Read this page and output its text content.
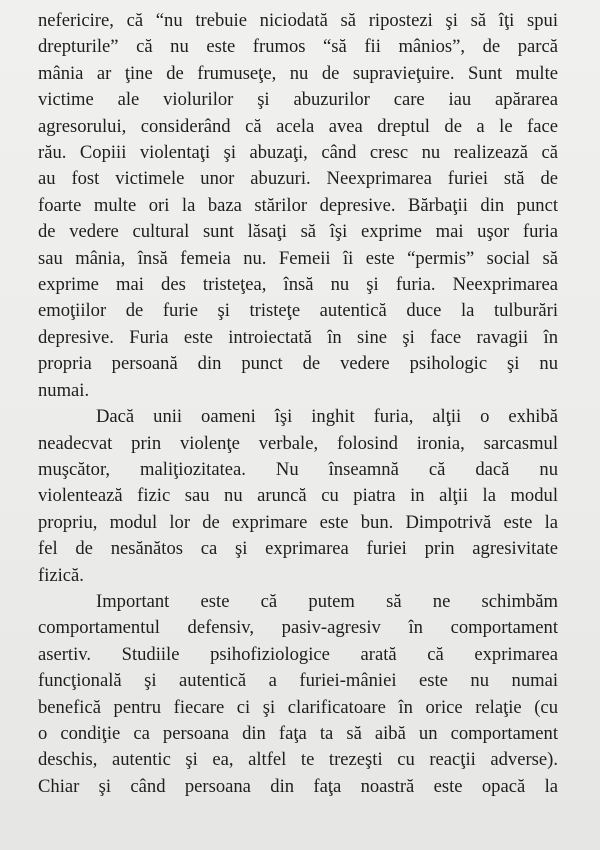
nefericire, că “nu trebuie niciodată să ripostezi şi să îţi spui
drepturile” că nu este frumos “să fii mânios”, de parcă
mânia ar ţine de frumuseţe, nu de supravieţuire. Sunt multe
victime ale violurilor şi abuzurilor care iau apărarea
agresorului, considerând că acela avea dreptul de a le face
rău. Copiii violentaţi şi abuzaţi, când cresc nu realizează că
au fost victimele unor abuzuri. Neexprimarea furiei stă de
foarte multe ori la baza stărilor depresive. Bărbaţii din punct
de vedere cultural sunt lăsaţi să îşi exprime mai uşor furia
sau mânia, însă femeia nu. Femeii îi este “permis” social să
exprime mai des tristeţea, însă nu şi furia. Neexprimarea
emoţiilor de furie şi tristeţe autentică duce la tulburări
depresive. Furia este introiectată în sine şi face ravagii în
propria persoană din punct de vedere psihologic şi nu
numai.
Dacă unii oameni îşi inghit furia, alţii o exhibă
neadecvat prin violenţe verbale, folosind ironia, sarcasmul
muşcător, maliţiozitatea. Nu înseamnă că dacă nu
violentează fizic sau nu aruncă cu piatra in alţii la modul
propriu, modul lor de exprimare este bun. Dimpotrivă este la
fel de nesănătos ca şi exprimarea furiei prin agresivitate
fizică.
Important este că putem să ne schimbăm
comportamentul defensiv, pasiv-agresiv în comportament
asertiv. Studiile psihofiziologice arată că exprimarea
funcţională şi autentică a furiei-mâniei este nu numai
benefică pentru fiecare ci şi clarificatoare în orice relaţie (cu
o condiţie ca persoana din faţa ta să aibă un comportament
deschis, autentic şi ea, altfel te trezeşti cu reacţii adverse).
Chiar şi când persoana din faţa noastră este opacă la
